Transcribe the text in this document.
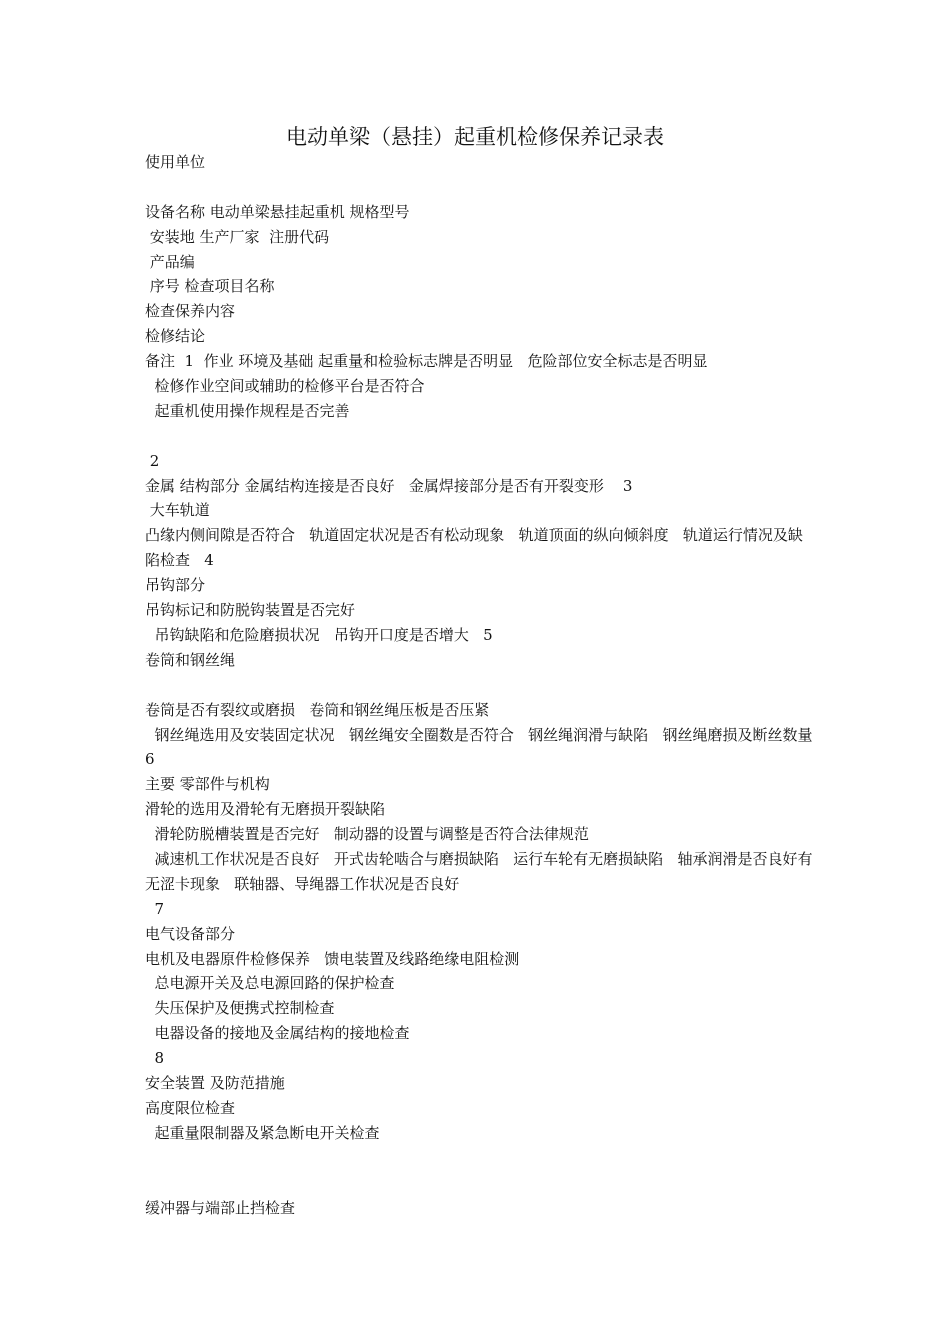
电动单梁（悬挂）起重机检修保养记录表
使用单位
设备名称 电动单梁悬挂起重机 规格型号
安装地 生产厂家  注册代码
产品编
序号 检查项目名称
检查保养内容
检修结论
备注  1  作业 环境及基础 起重量和检验标志牌是否明显   危险部位安全标志是否明显
检修作业空间或辅助的检修平台是否符合
起重机使用操作规程是否完善
2
金属 结构部分 金属结构连接是否良好   金属焊接部分是否有开裂变形    3
大车轨道
凸缘内侧间隙是否符合   轨道固定状况是否有松动现象   轨道顶面的纵向倾斜度   轨道运行情况及缺陷检查   4
吊钩部分
吊钩标记和防脱钩装置是否完好
吊钩缺陷和危险磨损状况   吊钩开口度是否增大   5
卷筒和钢丝绳
卷筒是否有裂纹或磨损   卷筒和钢丝绳压板是否压紧
钢丝绳选用及安装固定状况   钢丝绳安全圈数是否符合   钢丝绳润滑与缺陷   钢丝绳磨损及断丝数量   6
主要 零部件与机构
滑轮的选用及滑轮有无磨损开裂缺陷
滑轮防脱槽装置是否完好   制动器的设置与调整是否符合法律规范
减速机工作状况是否良好   开式齿轮啮合与磨损缺陷   运行车轮有无磨损缺陷   轴承润滑是否良好有无涩卡现象   联轴器、导绳器工作状况是否良好
7
电气设备部分
电机及电器原件检修保养   馈电装置及线路绝缘电阻检测
总电源开关及总电源回路的保护检查
失压保护及便携式控制检查
电器设备的接地及金属结构的接地检查
8
安全装置 及防范措施
高度限位检查
起重量限制器及紧急断电开关检查
缓冲器与端部止挡检查
